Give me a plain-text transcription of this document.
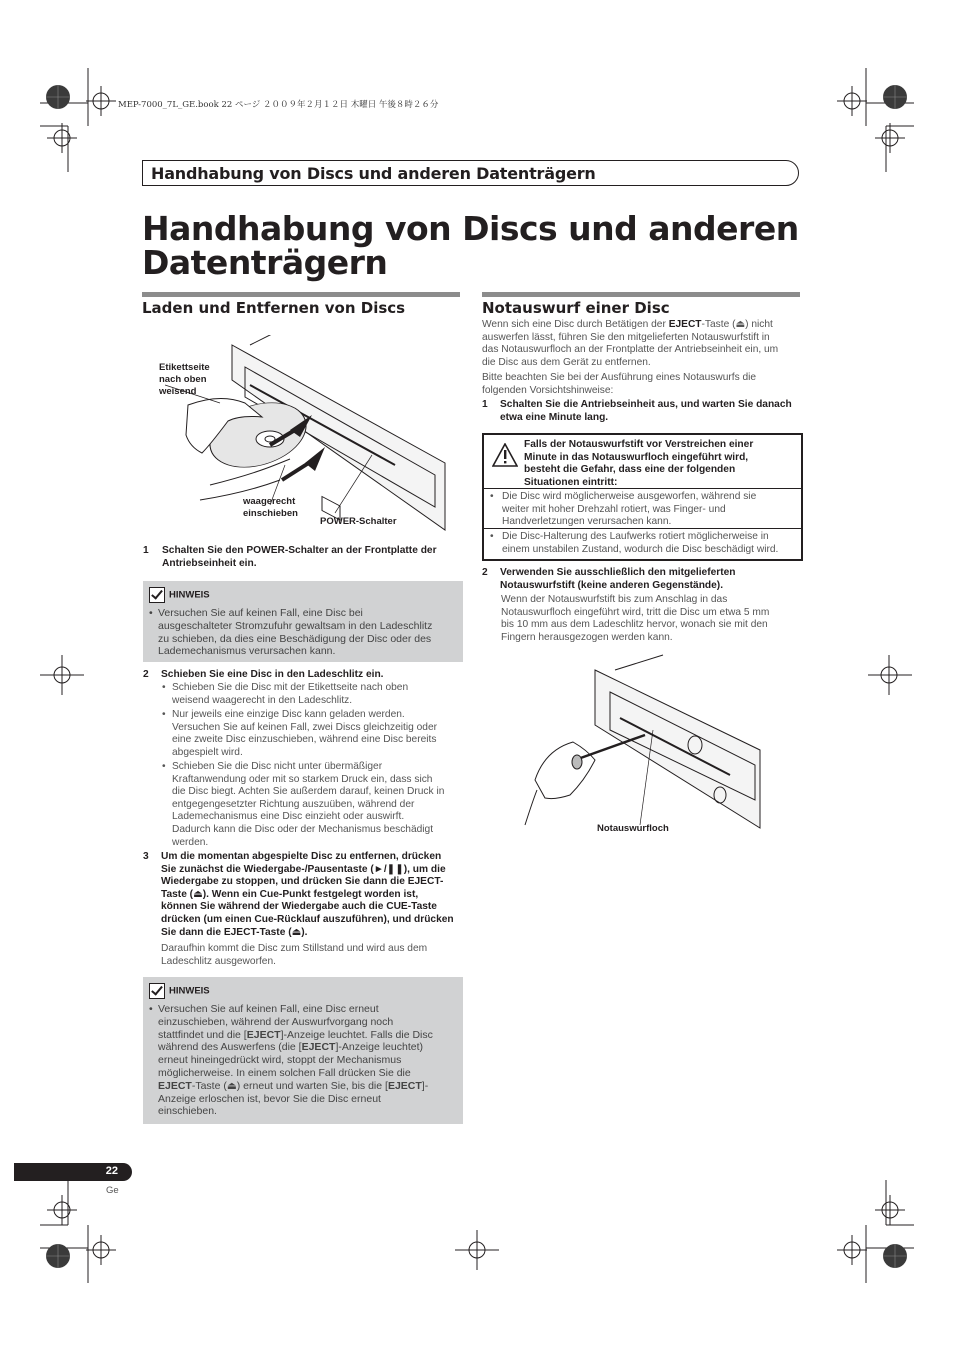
MEP-7000_7L_GE.book 22 ページ ２００９年２月１２日 木曜日 午後８時２６分
Handhabung von Discs und anderen Datenträgern
Handhabung von Discs und anderen
Datenträgern
Laden und Entfernen von Discs
Etikettseite
nach oben
weisend
waagerecht
einschieben
POWER-Schalter
1 Schalten Sie den POWER-Schalter an der Frontplatte der
Antriebseinheit ein.
HINWEIS
• Versuchen Sie auf keinen Fall, eine Disc bei
ausgeschalteter Stromzufuhr gewaltsam in den Ladeschlitz
zu schieben, da dies eine Beschädigung der Disc oder des
Lademechanismus verursachen kann.
2 Schieben Sie eine Disc in den Ladeschlitz ein.
• Schieben Sie die Disc mit der Etikettseite nach oben
weisend waagerecht in den Ladeschlitz.
• Nur jeweils eine einzige Disc kann geladen werden.
Versuchen Sie auf keinen Fall, zwei Discs gleichzeitig oder
eine zweite Disc einzuschieben, während eine Disc bereits
abgespielt wird.
• Schieben Sie die Disc nicht unter übermäßiger
Kraftanwendung oder mit so starkem Druck ein, dass sich
die Disc biegt. Achten Sie außerdem darauf, keinen Druck in
entgegengesetzter Richtung auszuüben, während der
Lademechanismus eine Disc einzieht oder auswirft.
Dadurch kann die Disc oder der Mechanismus beschädigt
werden.
3 Um die momentan abgespielte Disc zu entfernen, drücken
Sie zunächst die Wiedergabe-/Pausentaste (►/❚❚), um die
Wiedergabe zu stoppen, und drücken Sie dann die EJECT-
Taste (⏏). Wenn ein Cue-Punkt festgelegt worden ist,
können Sie während der Wiedergabe auch die CUE-Taste
drücken (um einen Cue-Rücklauf auszuführen), und drücken
Sie dann die EJECT-Taste (⏏).
Daraufhin kommt die Disc zum Stillstand und wird aus dem
Ladeschlitz ausgeworfen.
HINWEIS
• Versuchen Sie auf keinen Fall, eine Disc erneut
einzuschieben, während der Auswurfvorgang noch
stattfindet und die [EJECT]-Anzeige leuchtet. Falls die Disc
während des Auswerfens (die [EJECT]-Anzeige leuchtet)
erneut hineingedrückt wird, stoppt der Mechanismus
möglicherweise. In einem solchen Fall drücken Sie die
EJECT-Taste (⏏) erneut und warten Sie, bis die [EJECT]-
Anzeige erloschen ist, bevor Sie die Disc erneut
einschieben.
Notauswurf einer Disc
Wenn sich eine Disc durch Betätigen der EJECT-Taste (⏏) nicht
auswerfen lässt, führen Sie den mitgelieferten Notauswurfstift in
das Notauswurfloch an der Frontplatte der Antriebseinheit ein, um
die Disc aus dem Gerät zu entfernen.
Bitte beachten Sie bei der Ausführung eines Notauswurfs die
folgenden Vorsichtshinweise:
1 Schalten Sie die Antriebseinheit aus, und warten Sie danach
etwa eine Minute lang.
Falls der Notauswurfstift vor Verstreichen einer
Minute in das Notauswurfloch eingeführt wird,
besteht die Gefahr, dass eine der folgenden
Situationen eintritt:
• Die Disc wird möglicherweise ausgeworfen, während sie
weiter mit hoher Drehzahl rotiert, was Finger- und
Handverletzungen verursachen kann.
• Die Disc-Halterung des Laufwerks rotiert möglicherweise in
einem unstabilen Zustand, wodurch die Disc beschädigt wird.
2 Verwenden Sie ausschließlich den mitgelieferten
Notauswurfstift (keine anderen Gegenstände).
Wenn der Notauswurfstift bis zum Anschlag in das
Notauswurfloch eingeführt wird, tritt die Disc um etwa 5 mm
bis 10 mm aus dem Ladeschlitz hervor, wonach sie mit den
Fingern herausgezogen werden kann.
Notauswurfloch
22
Ge
